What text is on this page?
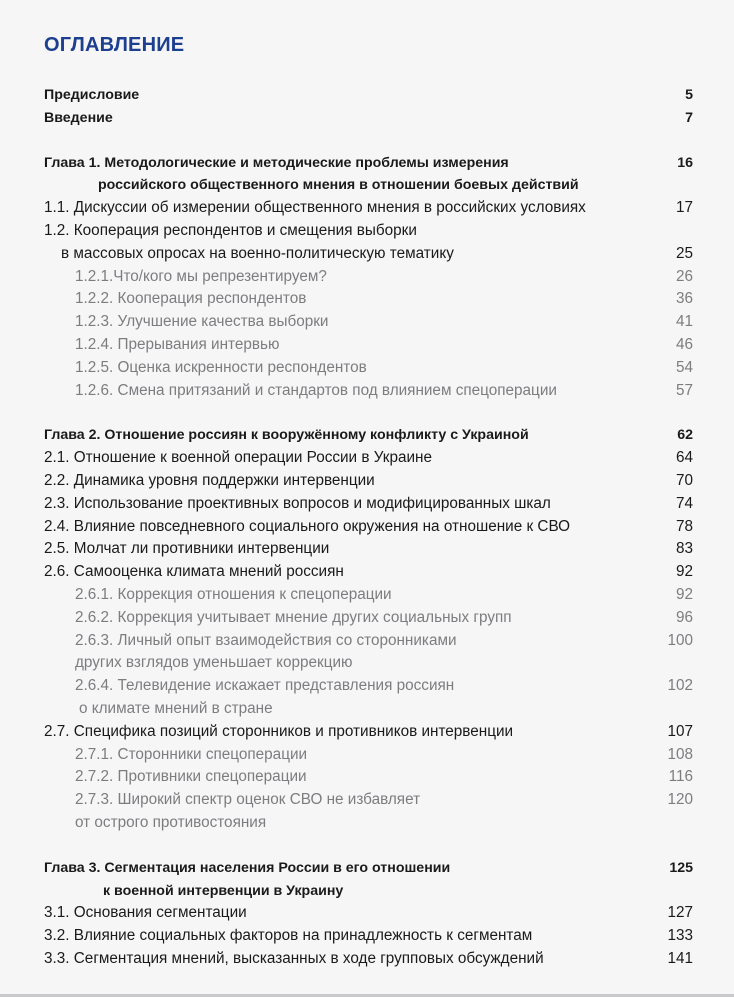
ОГЛАВЛЕНИЕ
Предисловие	5
Введение	7
Глава 1. Методологические и методические проблемы измерения	16
российского общественного мнения в отношении боевых действий
1.1. Дискуссии об измерении общественного мнения в российских условиях	17
1.2. Кооперация респондентов и смещения выборки
в массовых опросах на военно-политическую тематику	25
1.2.1.Что/кого мы репрезентируем?	26
1.2.2. Кооперация респондентов	36
1.2.3. Улучшение качества выборки	41
1.2.4. Прерывания интервью	46
1.2.5. Оценка искренности респондентов	54
1.2.6. Смена притязаний и стандартов под влиянием спецоперации	57
Глава 2. Отношение россиян к вооружённому конфликту с Украиной	62
2.1. Отношение к военной операции России в Украине	64
2.2. Динамика уровня поддержки интервенции	70
2.3. Использование проективных вопросов и модифицированных шкал	74
2.4. Влияние повседневного социального окружения на отношение к СВО	78
2.5. Молчат ли противники интервенции	83
2.6. Самооценка климата мнений россиян	92
2.6.1. Коррекция отношения к спецоперации	92
2.6.2. Коррекция учитывает мнение других социальных групп	96
2.6.3. Личный опыт взаимодействия со сторонниками	100
других взглядов уменьшает коррекцию
2.6.4. Телевидение искажает представления россиян	102
о климате мнений в стране
2.7. Специфика позиций сторонников и противников интервенции	107
2.7.1. Сторонники спецоперации	108
2.7.2. Противники спецоперации	116
2.7.3. Широкий спектр оценок СВО не избавляет	120
от острого противостояния
Глава 3. Сегментация населения России в его отношении	125
к военной интервенции в Украину
3.1. Основания сегментации	127
3.2. Влияние социальных факторов на принадлежность к сегментам	133
3.3. Сегментация мнений, высказанных в ходе групповых обсуждений	141
